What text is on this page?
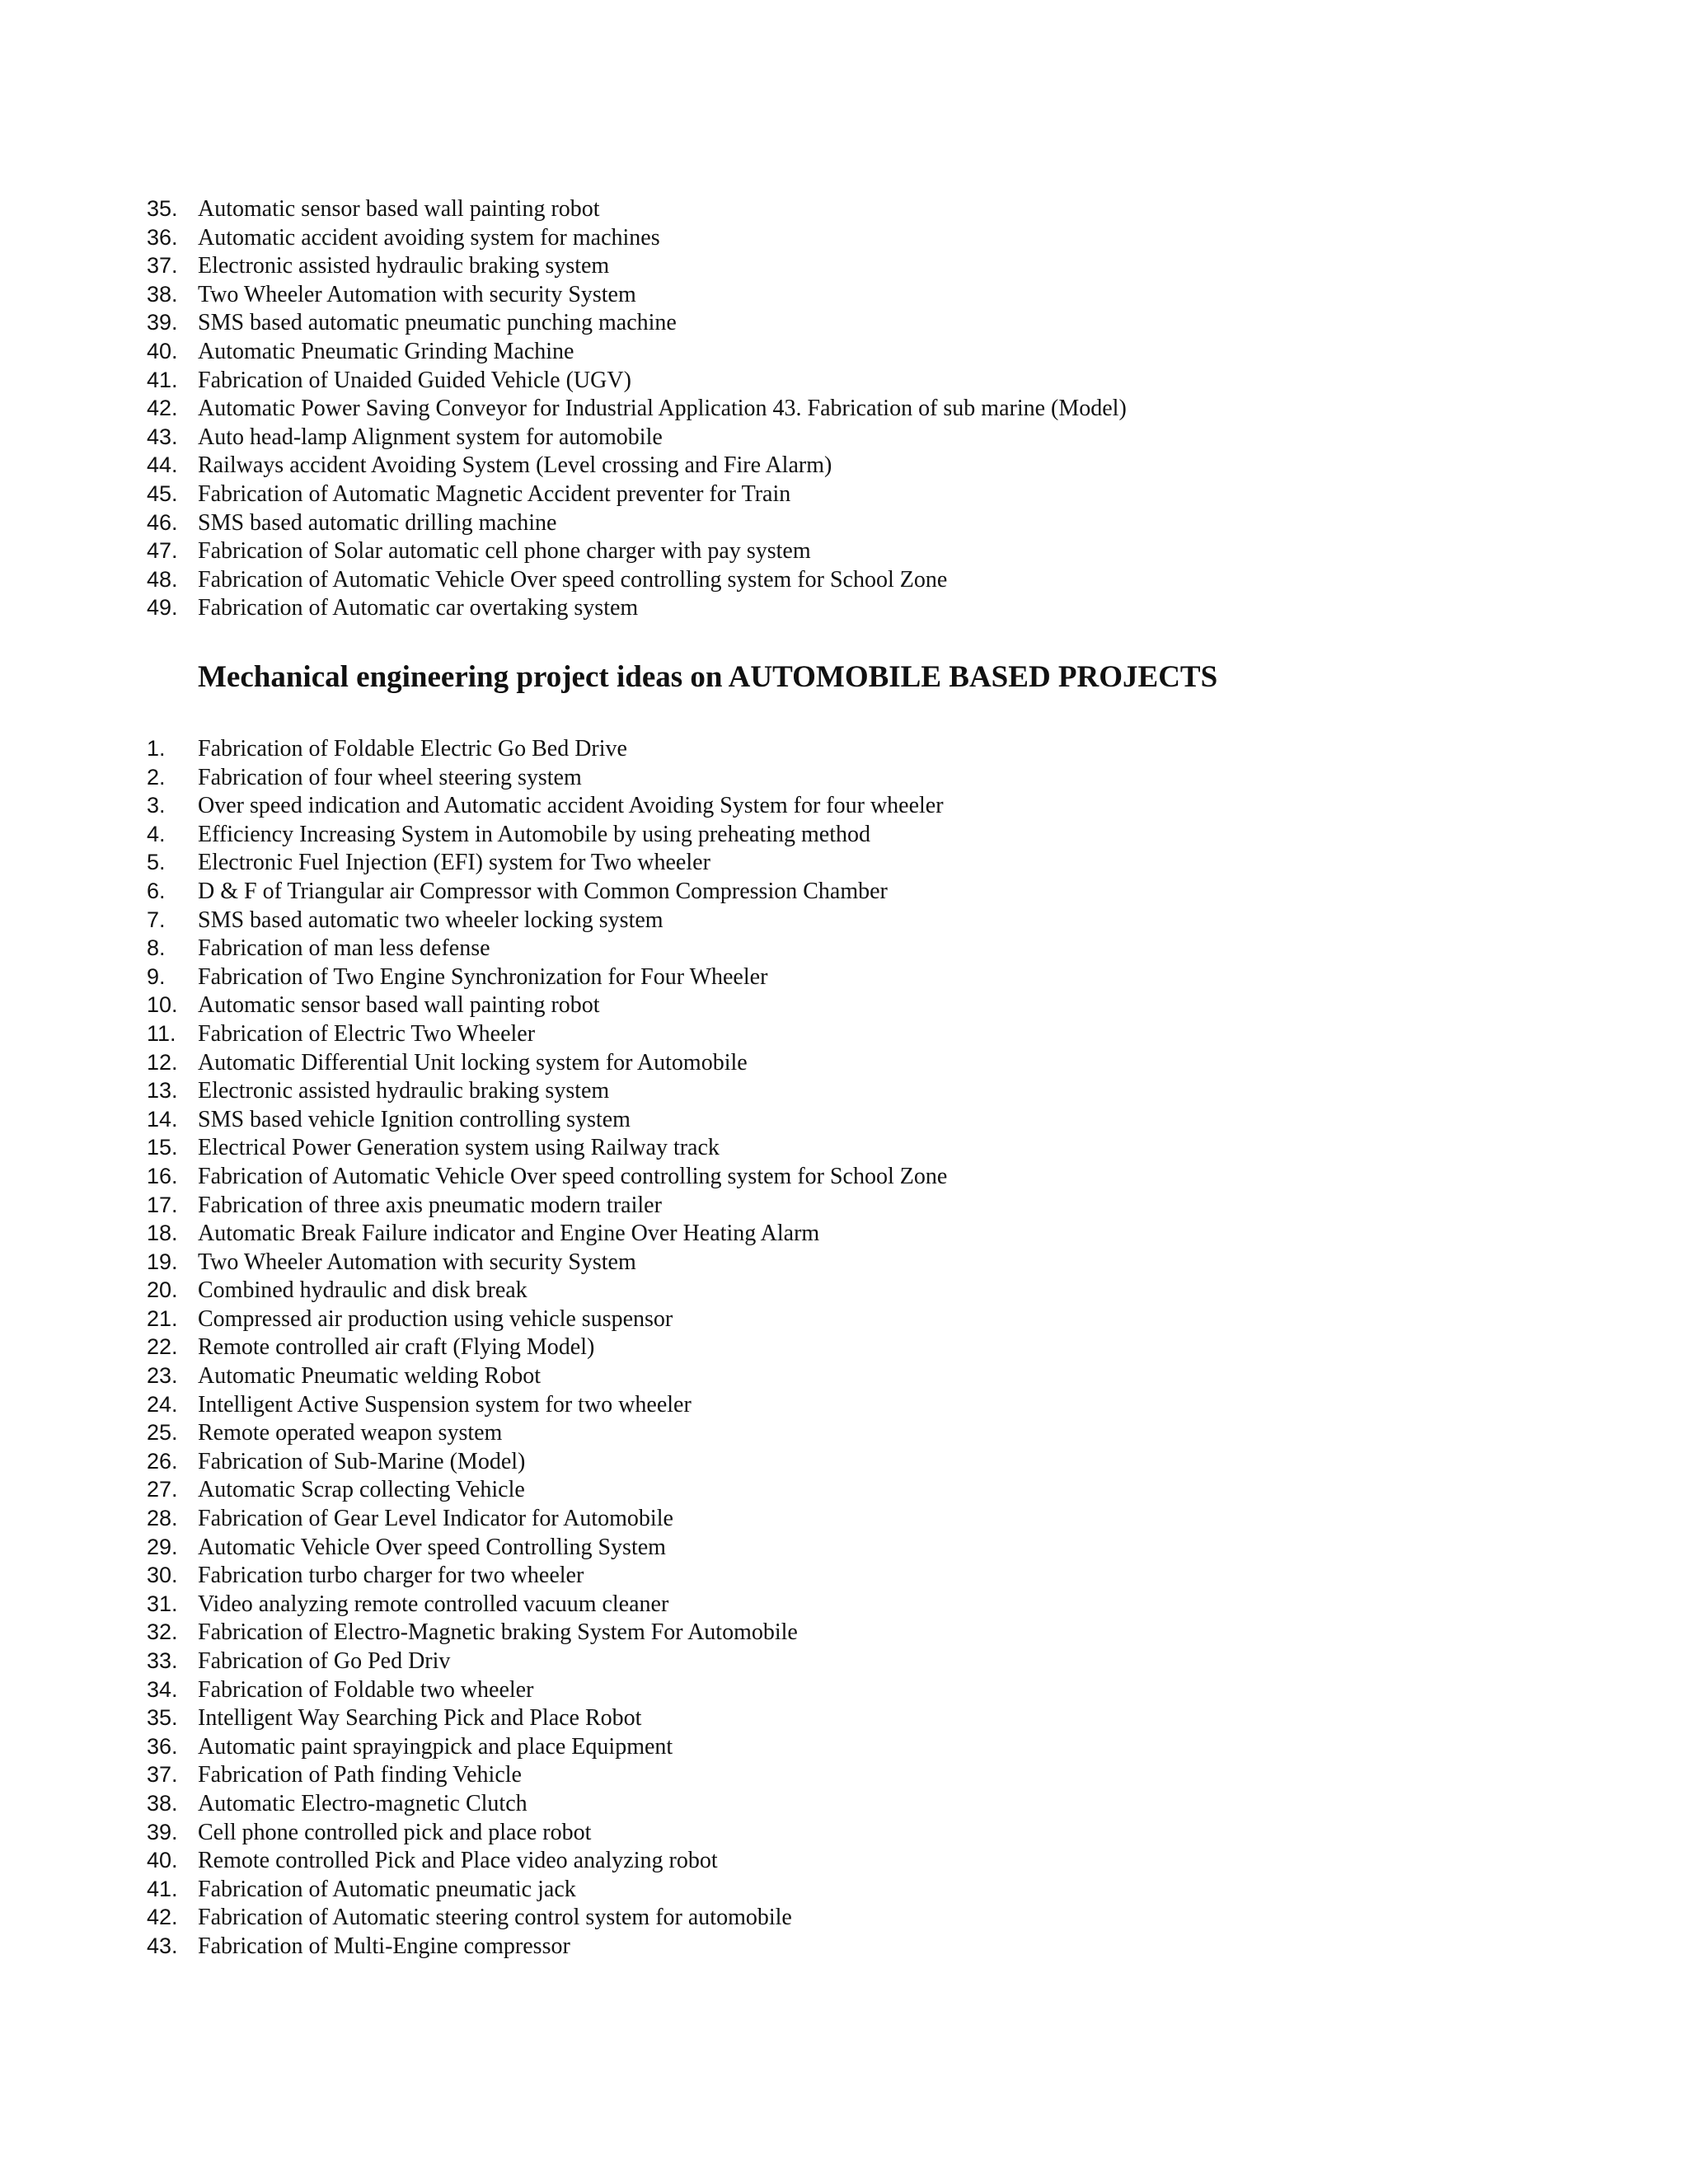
35. Automatic sensor based wall painting robot
36. Automatic accident avoiding system for machines
37. Electronic assisted hydraulic braking system
38. Two Wheeler Automation with security System
39. SMS based automatic pneumatic punching machine
40. Automatic Pneumatic Grinding Machine
41. Fabrication of Unaided Guided Vehicle (UGV)
42. Automatic Power Saving Conveyor for Industrial Application 43. Fabrication of sub marine (Model)
43. Auto head-lamp Alignment system for automobile
44. Railways accident Avoiding System (Level crossing and Fire Alarm)
45. Fabrication of Automatic Magnetic Accident preventer for Train
46. SMS based automatic drilling machine
47. Fabrication of Solar automatic cell phone charger with pay system
48. Fabrication of Automatic Vehicle Over speed controlling system for School Zone
49. Fabrication of Automatic car overtaking system
Mechanical engineering project ideas on AUTOMOBILE BASED PROJECTS
1. Fabrication of Foldable Electric Go Bed Drive
2. Fabrication of four wheel steering system
3. Over speed indication and Automatic accident Avoiding System for four wheeler
4. Efficiency Increasing System in Automobile by using preheating method
5. Electronic Fuel Injection (EFI) system for Two wheeler
6. D & F of Triangular air Compressor with Common Compression Chamber
7. SMS based automatic two wheeler locking system
8. Fabrication of man less defense
9. Fabrication of Two Engine Synchronization for Four Wheeler
10. Automatic sensor based wall painting robot
11. Fabrication of Electric Two Wheeler
12. Automatic Differential Unit locking system for Automobile
13. Electronic assisted hydraulic braking system
14. SMS based vehicle Ignition controlling system
15. Electrical Power Generation system using Railway track
16. Fabrication of Automatic Vehicle Over speed controlling system for School Zone
17. Fabrication of three axis pneumatic modern trailer
18. Automatic Break Failure indicator and Engine Over Heating Alarm
19. Two Wheeler Automation with security System
20. Combined hydraulic and disk break
21. Compressed air production using vehicle suspensor
22. Remote controlled air craft (Flying Model)
23. Automatic Pneumatic welding Robot
24. Intelligent Active Suspension system for two wheeler
25. Remote operated weapon system
26. Fabrication of Sub-Marine (Model)
27. Automatic Scrap collecting Vehicle
28. Fabrication of Gear Level Indicator for Automobile
29. Automatic Vehicle Over speed Controlling System
30. Fabrication turbo charger for two wheeler
31. Video analyzing remote controlled vacuum cleaner
32. Fabrication of Electro-Magnetic braking System For Automobile
33. Fabrication of Go Ped Driv
34. Fabrication of Foldable two wheeler
35. Intelligent Way Searching Pick and Place Robot
36. Automatic paint sprayingpick and place Equipment
37. Fabrication of Path finding Vehicle
38. Automatic Electro-magnetic Clutch
39. Cell phone controlled pick and place robot
40. Remote controlled Pick and Place video analyzing robot
41. Fabrication of Automatic pneumatic jack
42. Fabrication of Automatic steering control system for automobile
43. Fabrication of Multi-Engine compressor
